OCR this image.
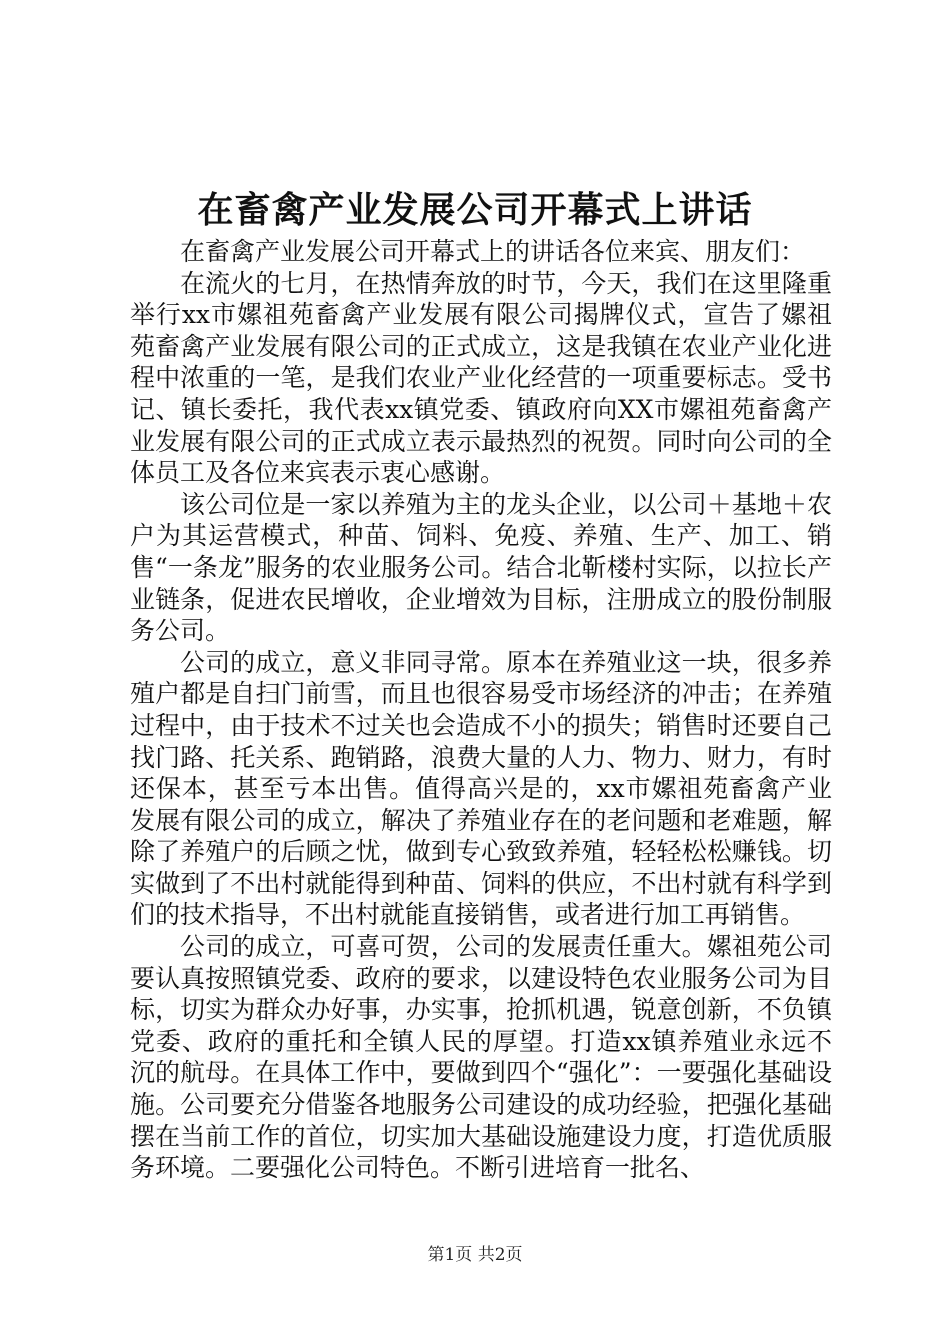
在畜禽产业发展公司开幕式上讲话

在畜禽产业发展公司开幕式上的讲话各位来宾、朋友们：

在流火的七月，在热情奔放的时节，今天，我们在这里隆重举行xx市嫘祖苑畜禽产业发展有限公司揭牌仪式，宣告了嫘祖苑畜禽产业发展有限公司的正式成立，这是我镇在农业产业化进程中浓重的一笔，是我们农业产业化经营的一项重要标志。受书记、镇长委托，我代表xx镇党委、镇政府向XX市嫘祖苑畜禽产业发展有限公司的正式成立表示最热烈的祝贺。同时向公司的全体员工及各位来宾表示衷心感谢。

该公司位是一家以养殖为主的龙头企业，以公司＋基地＋农户为其运营模式，种苗、饲料、免疫、养殖、生产、加工、销售“一条龙”服务的农业服务公司。结合北靳楼村实际，以拉长产业链条，促进农民增收，企业增效为目标，注册成立的股份制服务公司。

公司的成立，意义非同寻常。原本在养殖业这一块，很多养殖户都是自扫门前雪，而且也很容易受市场经济的冲击；在养殖过程中，由于技术不过关也会造成不小的损失；销售时还要自己找门路、托关系、跑销路，浪费大量的人力、物力、财力，有时还保本，甚至亏本出售。值得高兴是的，xx市嫘祖苑畜禽产业发展有限公司的成立，解决了养殖业存在的老问题和老难题，解除了养殖户的后顾之忧，做到专心致致养殖，轻轻松松赚钱。切实做到了不出村就能得到种苗、饲料的供应，不出村就有科学到们的技术指导，不出村就能直接销售，或者进行加工再销售。

公司的成立，可喜可贺，公司的发展责任重大。嫘祖苑公司要认真按照镇党委、政府的要求，以建设特色农业服务公司为目标，切实为群众办好事，办实事，抢抓机遇，锐意创新，不负镇党委、政府的重托和全镇人民的厚望。打造xx镇养殖业永远不沉的航母。在具体工作中，要做到四个“强化”：一要强化基础设施。公司要充分借鉴各地服务公司建设的成功经验，把强化基础摆在当前工作的首位，切实加大基础设施建设力度，打造优质服务环境。二要强化公司特色。不断引进培育一批名、

第1页 共2页
